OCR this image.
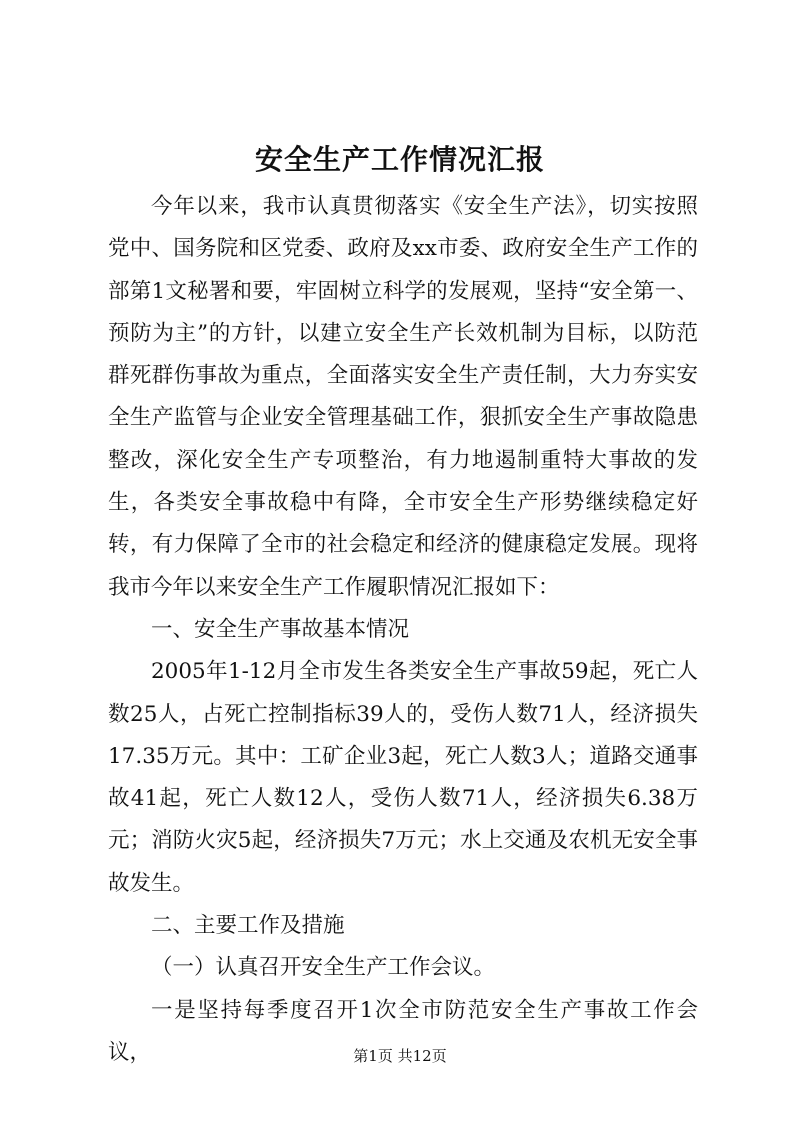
安全生产工作情况汇报

今年以来，我市认真贯彻落实《安全生产法》，切实按照党中、国务院和区党委、政府及xx市委、政府安全生产工作的部第1文秘署和要，牢固树立科学的发展观，坚持“安全第一、预防为主”的方针，以建立安全生产长效机制为目标，以防范群死群伤事故为重点，全面落实安全生产责任制，大力夯实安全生产监管与企业安全管理基础工作，狠抓安全生产事故隐患整改，深化安全生产专项整治，有力地遏制重特大事故的发生，各类安全事故稳中有降，全市安全生产形势继续稳定好转，有力保障了全市的社会稳定和经济的健康稳定发展。现将我市今年以来安全生产工作履职情况汇报如下：

一、安全生产事故基本情况

2005年1-12月全市发生各类安全生产事故59起，死亡人数25人，占死亡控制指标39人的，受伤人数71人，经济损失17.35万元。其中：工矿企业3起，死亡人数3人；道路交通事故41起，死亡人数12人，受伤人数71人，经济损失6.38万元；消防火灾5起，经济损失7万元；水上交通及农机无安全事故发生。

二、主要工作及措施

（一）认真召开安全生产工作会议。

一是坚持每季度召开1次全市防范安全生产事故工作会议，	第1页 共12页
